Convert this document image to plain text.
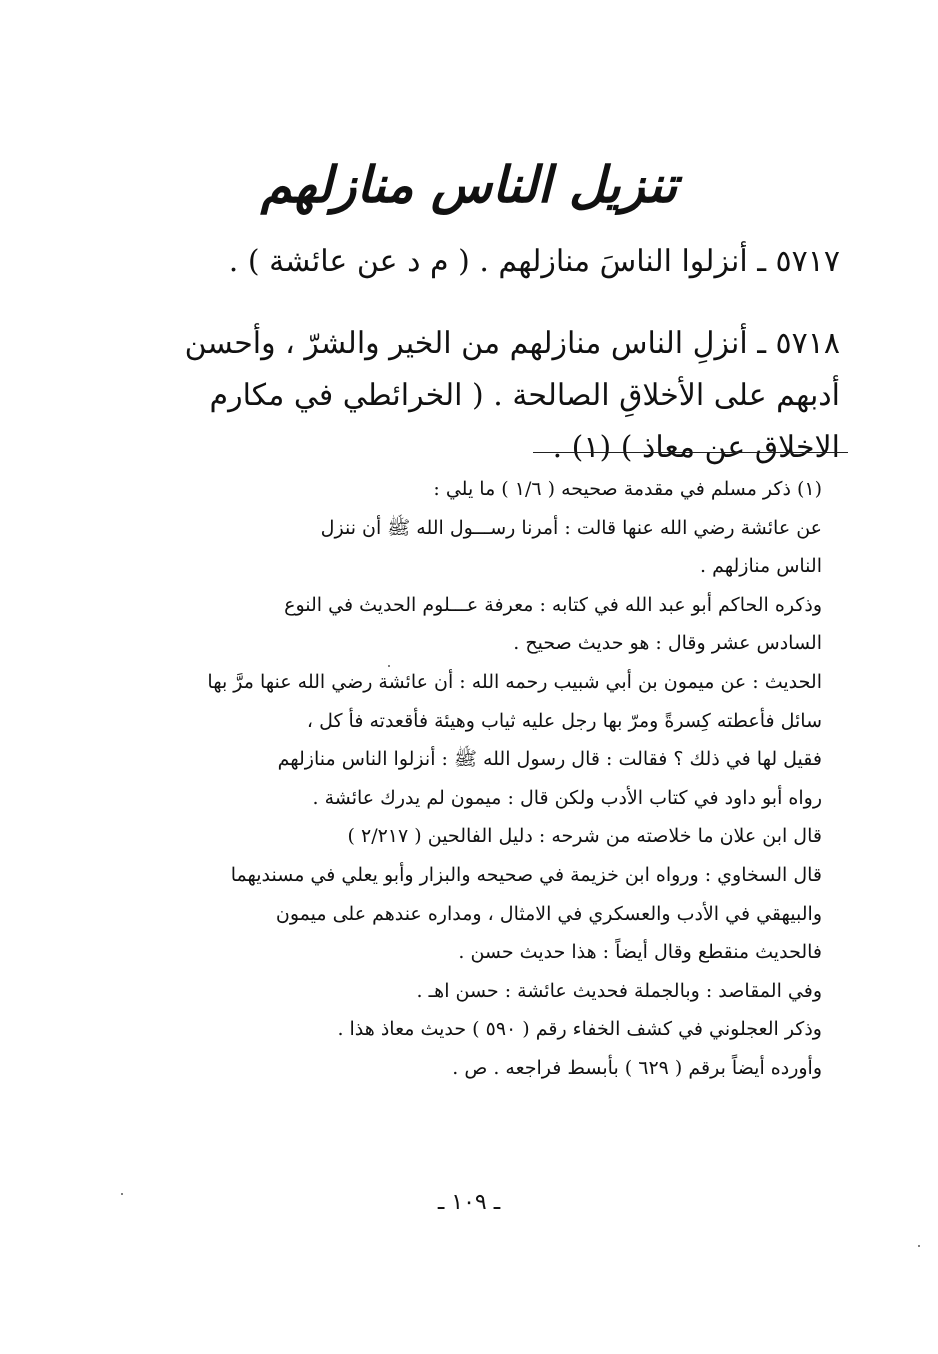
تنزيل الناس منازلهم

٥٧١٧ ـ أنزلوا الناسَ منازلهم . ( م د عن عائشة ) .

٥٧١٨ ـ أنزلِ الناس منازلهم من الخير والشرّ ، وأحسن أدبهم على الأخلاقِ الصالحة . ( الخرائطي في مكارم الاخلاق عن معاذ ) (١) .

(١) ذكر مسلم في مقدمة صحيحه ( ١/٦ ) ما يلي :
عن عائشة رضي الله عنها قالت : أمرنا رســـول الله ﷺ أن ننزل
الناس منازلهم .
وذكره الحاكم أبو عبد الله في كتابه : معرفة عـــلوم الحديث في النوع
السادس عشر وقال : هو حديث صحيح .
الحديث : عن ميمون بن أبي شبيب رحمه الله : أن عائشة رضي الله عنها مرَّ بها
سائل فأعطته كِسرةً ومرّ بها رجل عليه ثياب وهيئة فأقعدته فأ كل ،
فقيل لها في ذلك ؟ فقالت : قال رسول الله ﷺ : أنزلوا الناس منازلهم
رواه أبو داود في كتاب الأدب ولكن قال : ميمون لم يدرك عائشة .
قال ابن علان ما خلاصته من شرحه : دليل الفالحين ( ٢/٢١٧ )
قال السخاوي : ورواه ابن خزيمة في صحيحه والبزار وأبو يعلي في مسنديهما
والبيهقي في الأدب والعسكري في الامثال ، ومداره عندهم على ميمون
فالحديث منقطع وقال أيضاً : هذا حديث حسن .
وفي المقاصد : وبالجملة فحديث عائشة : حسن اهـ .
وذكر العجلوني في كشف الخفاء رقم ( ٥٩٠ ) حديث معاذ هذا .
وأورده أيضاً برقم ( ٦٢٩ ) بأبسط فراجعه . ص .
ـ ١٠٩ ـ
